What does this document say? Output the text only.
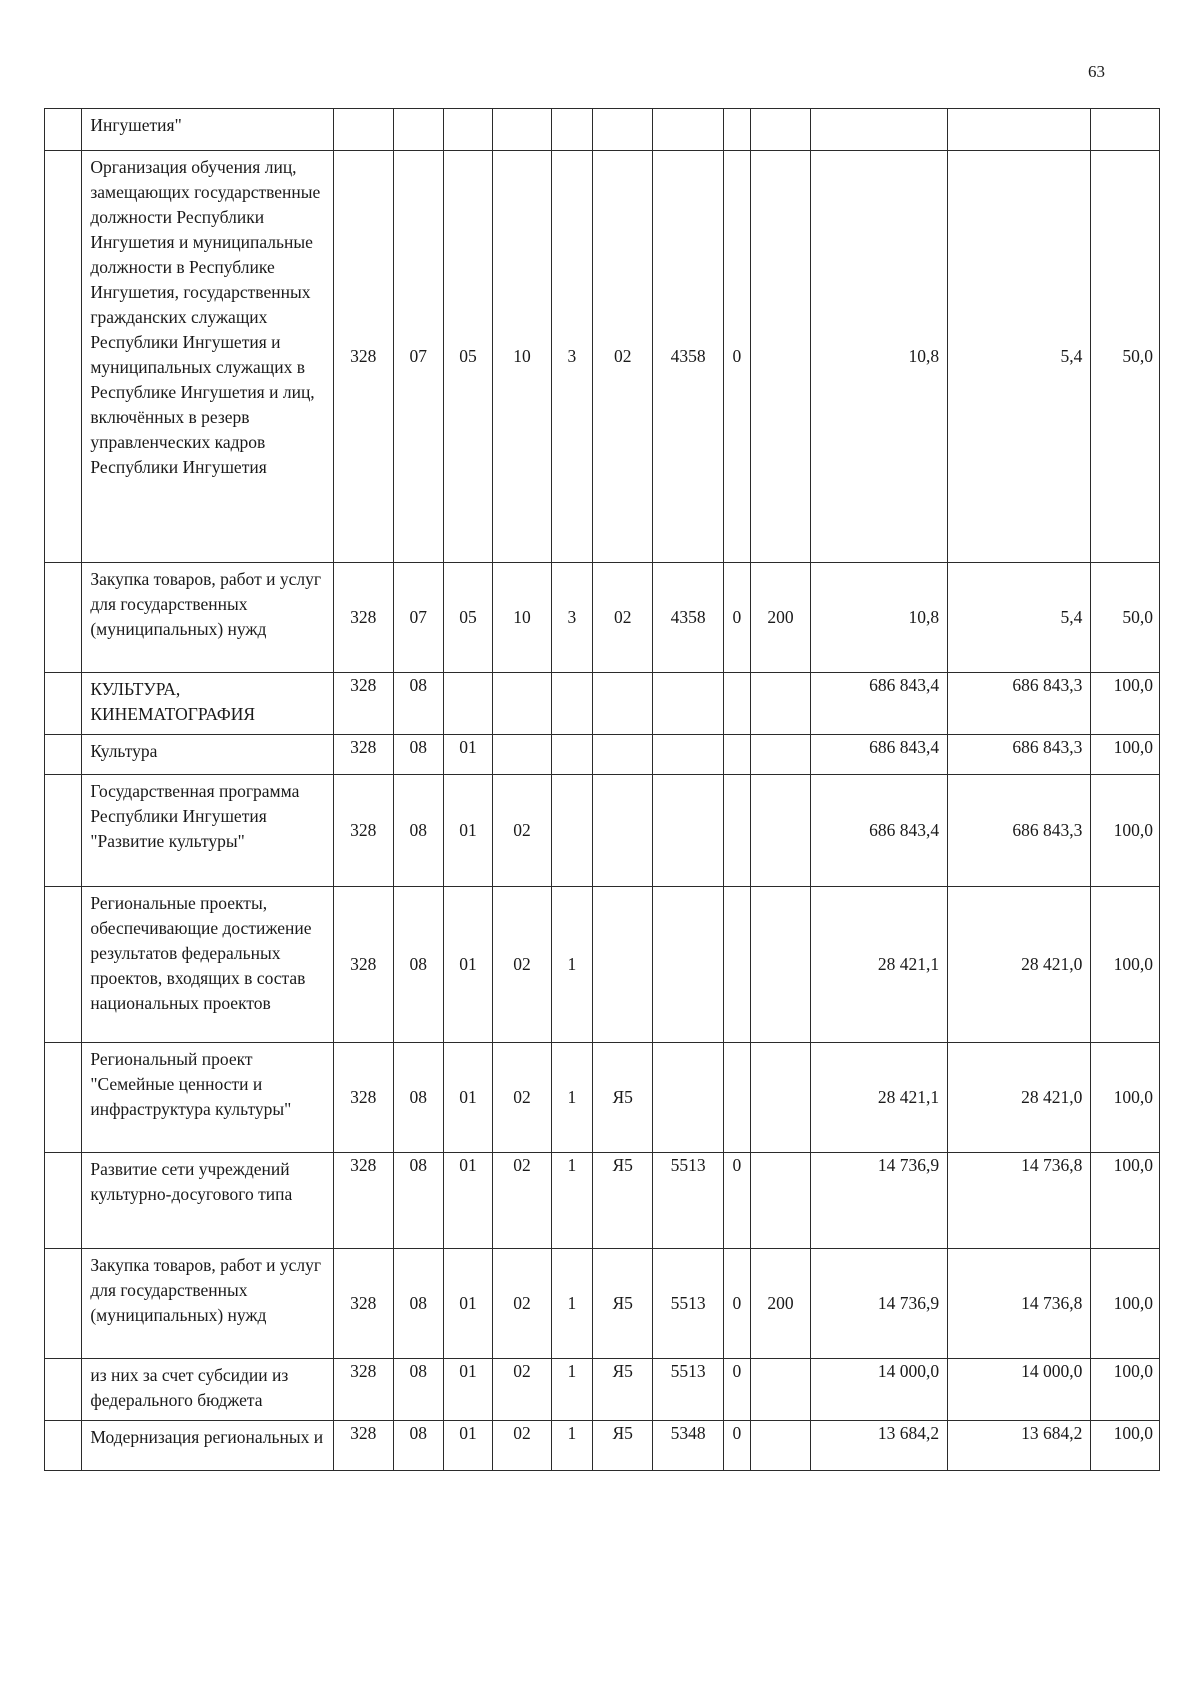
63
	Ингушетия"												
	Организация обучения лиц, замещающих государственные должности Республики Ингушетия и муниципальные должности в Республике Ингушетия, государственных гражданских служащих Республики Ингушетия и муниципальных служащих в Республике Ингушетия и лиц, включённых в резерв управленческих кадров Республики Ингушетия	328	07	05	10	3	02	4358	0		10,8	5,4	50,0
	Закупка товаров, работ и услуг для государственных (муниципальных) нужд	328	07	05	10	3	02	4358	0	200	10,8	5,4	50,0
	КУЛЬТУРА, КИНЕМАТОГРАФИЯ	328	08								686 843,4	686 843,3	100,0
	Культура	328	08	01							686 843,4	686 843,3	100,0
	Государственная программа Республики Ингушетия "Развитие культуры"	328	08	01	02						686 843,4	686 843,3	100,0
	Региональные проекты, обеспечивающие достижение результатов федеральных проектов, входящих в состав национальных проектов	328	08	01	02	1					28 421,1	28 421,0	100,0
	Региональный проект "Семейные ценности и инфраструктура культуры"	328	08	01	02	1	Я5				28 421,1	28 421,0	100,0
	Развитие сети учреждений культурно-досугового типа	328	08	01	02	1	Я5	5513	0		14 736,9	14 736,8	100,0
	Закупка товаров, работ и услуг для государственных (муниципальных) нужд	328	08	01	02	1	Я5	5513	0	200	14 736,9	14 736,8	100,0
	из них за счет субсидии из федерального бюджета	328	08	01	02	1	Я5	5513	0		14 000,0	14 000,0	100,0
	Модернизация региональных и	328	08	01	02	1	Я5	5348	0		13 684,2	13 684,2	100,0
